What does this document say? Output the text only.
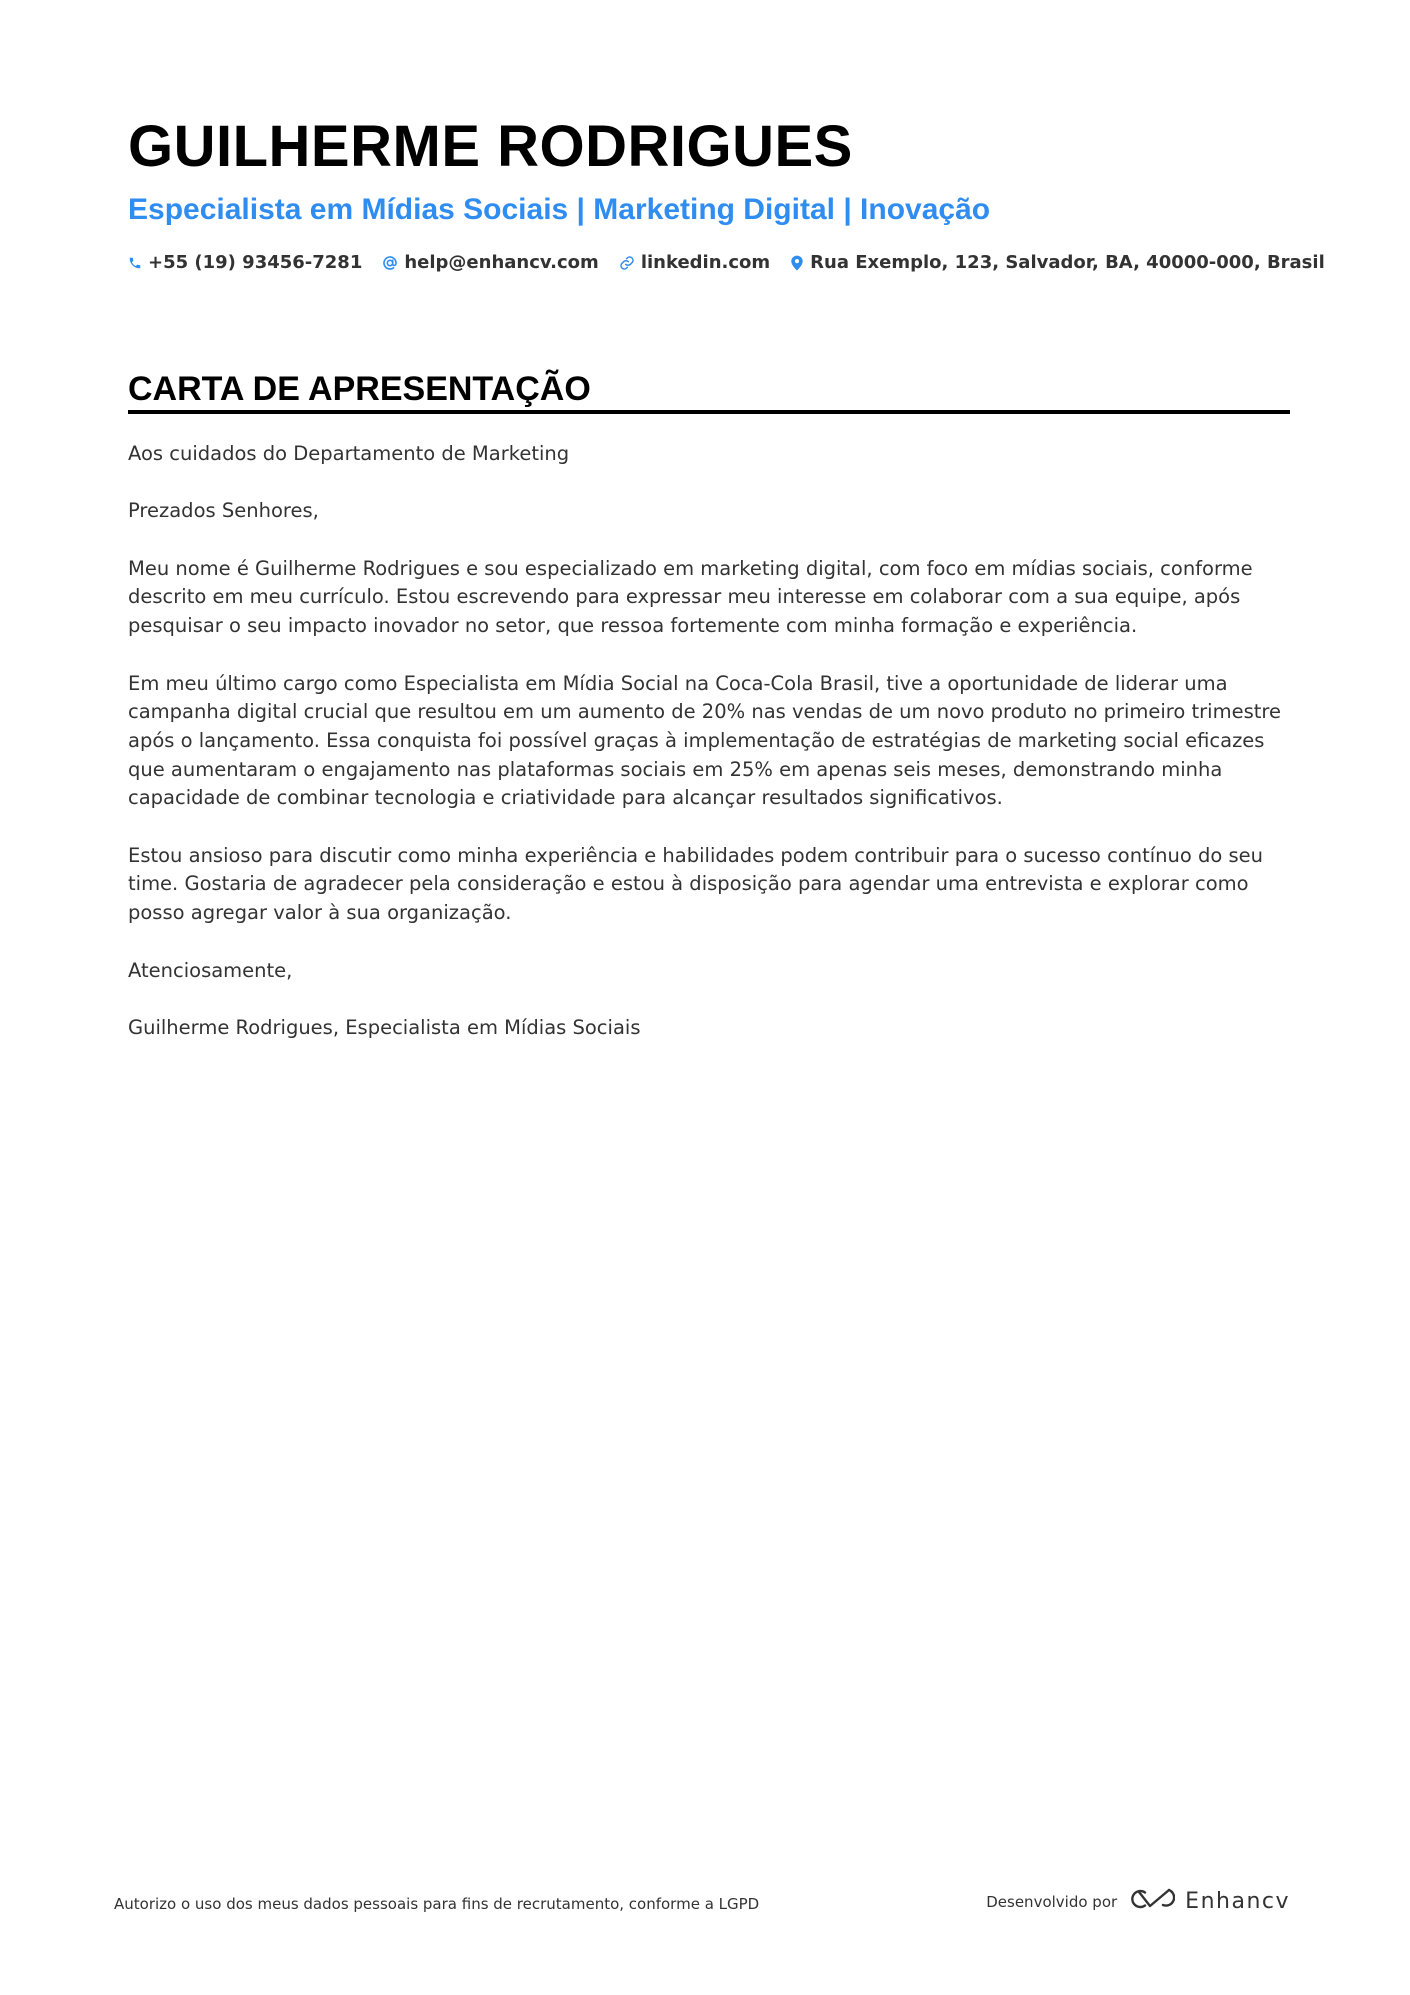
GUILHERME RODRIGUES
Especialista em Mídias Sociais | Marketing Digital | Inovação
+55 (19) 93456-7281 help@enhancv.com linkedin.com Rua Exemplo, 123, Salvador, BA, 40000-000, Brasil
CARTA DE APRESENTAÇÃO

Aos cuidados do Departamento de Marketing

Prezados Senhores,

Meu nome é Guilherme Rodrigues e sou especializado em marketing digital, com foco em mídias sociais, conforme descrito em meu currículo. Estou escrevendo para expressar meu interesse em colaborar com a sua equipe, após pesquisar o seu impacto inovador no setor, que ressoa fortemente com minha formação e experiência.

Em meu último cargo como Especialista em Mídia Social na Coca-Cola Brasil, tive a oportunidade de liderar uma campanha digital crucial que resultou em um aumento de 20% nas vendas de um novo produto no primeiro trimestre após o lançamento. Essa conquista foi possível graças à implementação de estratégias de marketing social eficazes que aumentaram o engajamento nas plataformas sociais em 25% em apenas seis meses, demonstrando minha capacidade de combinar tecnologia e criatividade para alcançar resultados significativos.

Estou ansioso para discutir como minha experiência e habilidades podem contribuir para o sucesso contínuo do seu time. Gostaria de agradecer pela consideração e estou à disposição para agendar uma entrevista e explorar como posso agregar valor à sua organização.

Atenciosamente,

Guilherme Rodrigues, Especialista em Mídias Sociais

Autorizo o uso dos meus dados pessoais para fins de recrutamento, conforme a LGPD	Desenvolvido por	Enhancv
